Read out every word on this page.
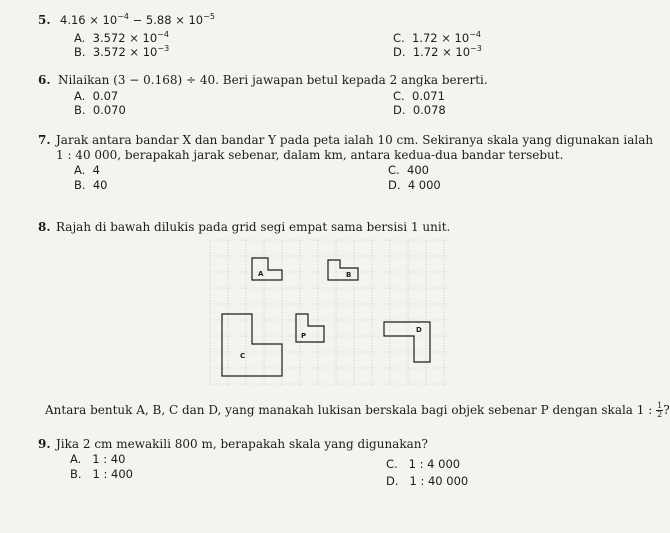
5. $4.16 \times 10^{-4} - 5.88 \times 10^{-5}$
A. $3.572 \times 10^{-4}$
B. $3.572 \times 10^{-3}$
C. $1.72 \times 10^{-4}$
D. $1.72 \times 10^{-3}$
6. Nilaikan (3 − 0.168) ÷ 40. Beri jawapan betul kepada 2 angka bererti.
A. 0.07
B. 0.070
C. 0.071
D. 0.078
7. Jarak antara bandar X dan bandar Y pada peta ialah 10 cm. Sekiranya skala yang digunakan ialah
1 : 40 000, berapakah jarak sebenar, dalam km, antara kedua-dua bandar tersebut.
A. 4
B. 40
C. 400
D. 4 000
8. Rajah di bawah dilukis pada grid segi empat sama bersisi 1 unit.
A	B
C
P
D
Antara bentuk A, B, C dan D, yang manakah lukisan berskala bagi objek sebenar P dengan skala 1 : $\frac{1}{2}$ ?
9. Jika 2 cm mewakili 800 m, berapakah skala yang digunakan?
A. 1 : 40
B. 1 : 400
C. 1 : 4 000
D. 1 : 40 000
